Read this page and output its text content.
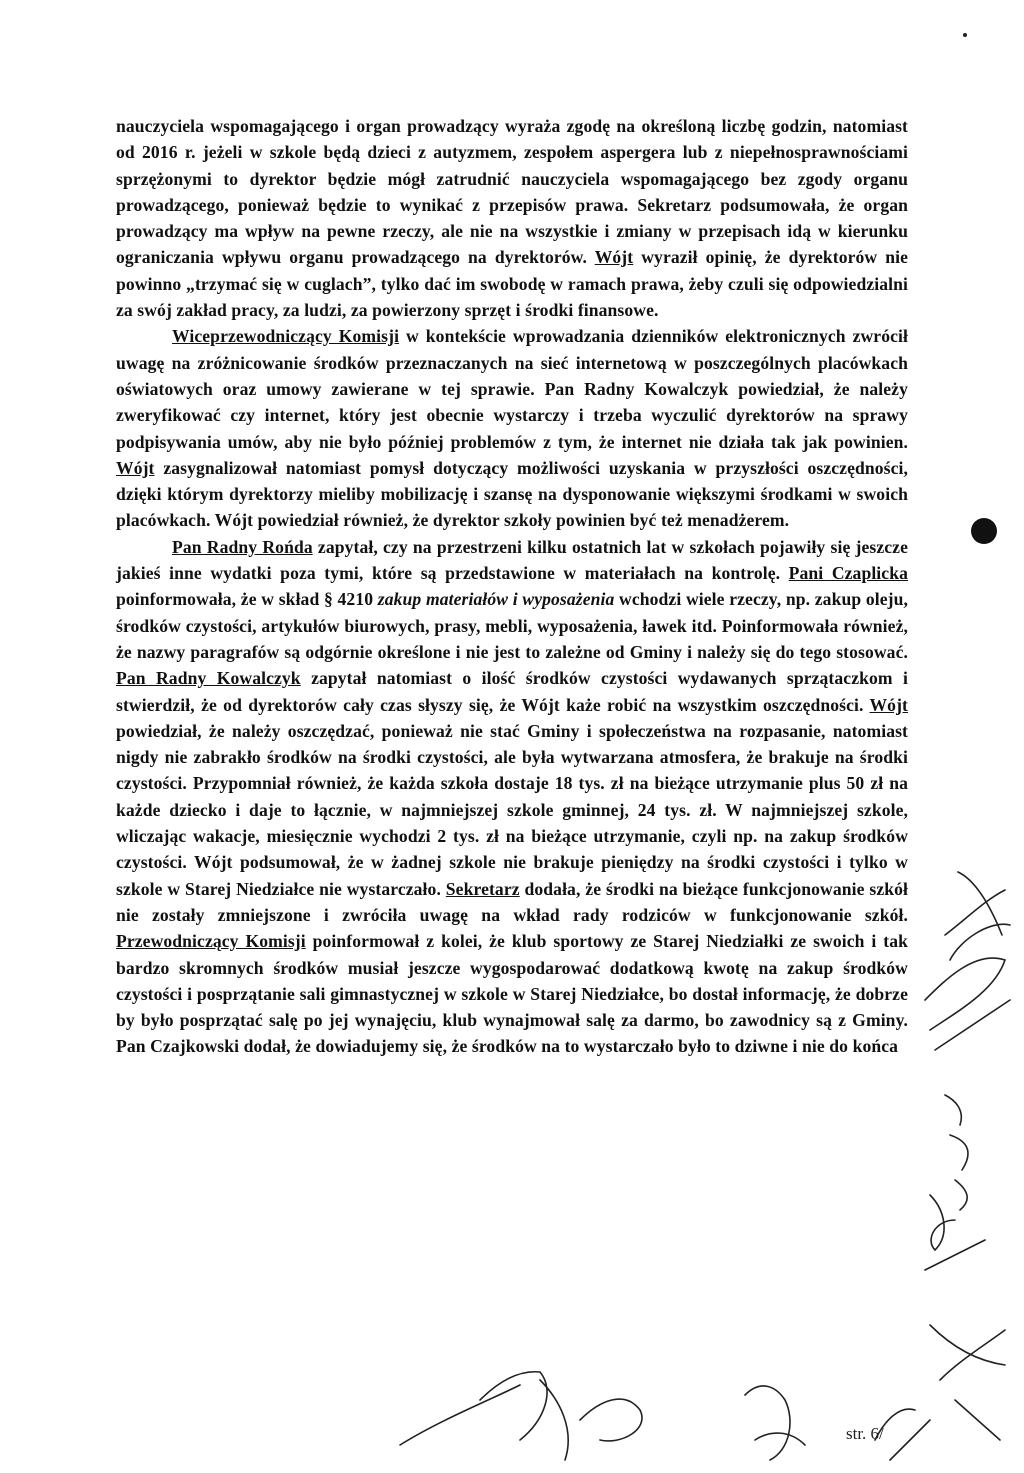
nauczyciela wspomagającego i organ prowadzący wyraża zgodę na określoną liczbę godzin, natomiast od 2016 r. jeżeli w szkole będą dzieci z autyzmem, zespołem aspergera lub z niepełnosprawnościami sprzężonymi to dyrektor będzie mógł zatrudnić nauczyciela wspomagającego bez zgody organu prowadzącego, ponieważ będzie to wynikać z przepisów prawa. Sekretarz podsumowała, że organ prowadzący ma wpływ na pewne rzeczy, ale nie na wszystkie i zmiany w przepisach idą w kierunku ograniczania wpływu organu prowadzącego na dyrektorów. Wójt wyraził opinię, że dyrektorów nie powinno „trzymać się w cuglach”, tylko dać im swobodę w ramach prawa, żeby czuli się odpowiedzialni za swój zakład pracy, za ludzi, za powierzony sprzęt i środki finansowe.

Wiceprzewodniczący Komisji w kontekście wprowadzania dzienników elektronicznych zwrócił uwagę na zróżnicowanie środków przeznaczanych na sieć internetową w poszczególnych placówkach oświatowych oraz umowy zawierane w tej sprawie. Pan Radny Kowalczyk powiedział, że należy zweryfikować czy internet, który jest obecnie wystarczy i trzeba wyczulić dyrektorów na sprawy podpisywania umów, aby nie było później problemów z tym, że internet nie działa tak jak powinien. Wójt zasygnalizował natomiast pomysł dotyczący możliwości uzyskania w przyszłości oszczędności, dzięki którym dyrektorzy mieliby mobilizację i szansę na dysponowanie większymi środkami w swoich placówkach. Wójt powiedział również, że dyrektor szkoły powinien być też menadżerem.

Pan Radny Rońda zapytał, czy na przestrzeni kilku ostatnich lat w szkołach pojawiły się jeszcze jakieś inne wydatki poza tymi, które są przedstawione w materiałach na kontrolę. Pani Czaplicka poinformowała, że w skład § 4210 zakup materiałów i wyposażenia wchodzi wiele rzeczy, np. zakup oleju, środków czystości, artykułów biurowych, prasy, mebli, wyposażenia, ławek itd. Poinformowała również, że nazwy paragrafów są odgórnie określone i nie jest to zależne od Gminy i należy się do tego stosować. Pan Radny Kowalczyk zapytał natomiast o ilość środków czystości wydawanych sprzątaczkom i stwierdził, że od dyrektorów cały czas słyszy się, że Wójt każe robić na wszystkim oszczędności. Wójt powiedział, że należy oszczędzać, ponieważ nie stać Gminy i społeczeństwa na rozpasanie, natomiast nigdy nie zabrakło środków na środki czystości, ale była wytwarzana atmosfera, że brakuje na środki czystości. Przypomniał również, że każda szkoła dostaje 18 tys. zł na bieżące utrzymanie plus 50 zł na każde dziecko i daje to łącznie, w najmniejszej szkole gminnej, 24 tys. zł. W najmniejszej szkole, wliczając wakacje, miesięcznie wychodzi 2 tys. zł na bieżące utrzymanie, czyli np. na zakup środków czystości. Wójt podsumował, że w żadnej szkole nie brakuje pieniędzy na środki czystości i tylko w szkole w Starej Niedziałce nie wystarczało. Sekretarz dodała, że środki na bieżące funkcjonowanie szkół nie zostały zmniejszone i zwróciła uwagę na wkład rady rodziców w funkcjonowanie szkół. Przewodniczący Komisji poinformował z kolei, że klub sportowy ze Starej Niedziałki ze swoich i tak bardzo skromnych środków musiał jeszcze wygospodarować dodatkową kwotę na zakup środków czystości i posprzątanie sali gimnastycznej w szkole w Starej Niedziałce, bo dostał informację, że dobrze by było posprzątać salę po jej wynajęciu, klub wynajmował salę za darmo, bo zawodnicy są z Gminy. Pan Czajkowski dodał, że dowiadujemy się, że środków na to wystarczało było to dziwne i nie do końca

str. 6/
